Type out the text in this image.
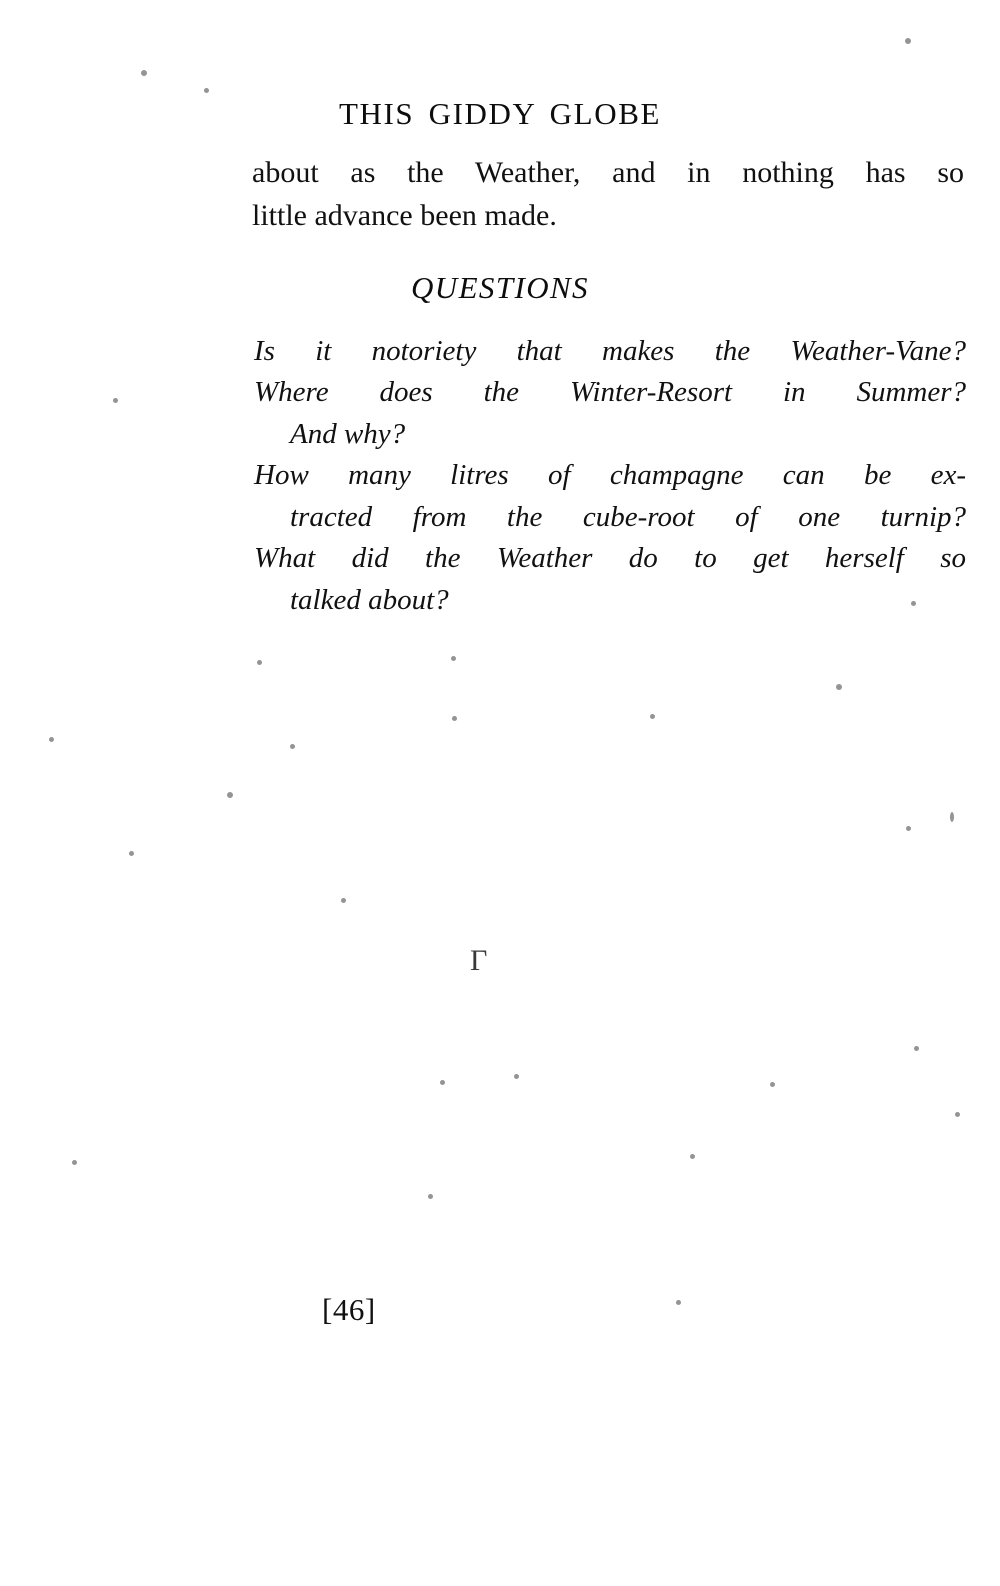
THIS GIDDY GLOBE

about as the Weather, and in nothing has so
little advance been made.

QUESTIONS
Is it notoriety that makes the Weather-Vane?
Where does the Winter-Resort in Summer?
And why?
How many litres of champagne can be ex-
tracted from the cube-root of one turnip?
What did the Weather do to get herself so
talked about?
Γ
[46]
